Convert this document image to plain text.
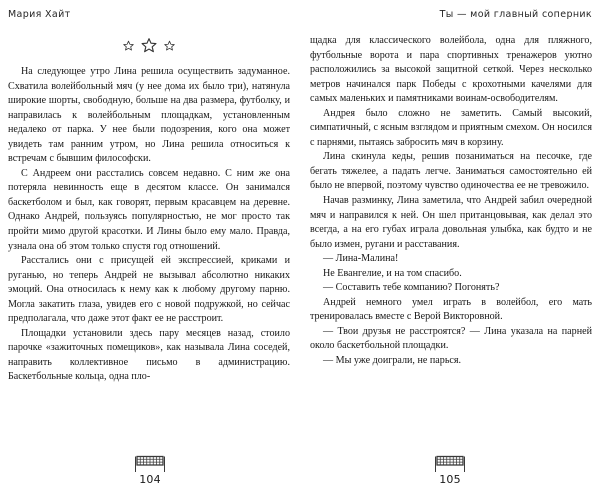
Мария Хайт

На следующее утро Лина решила осуществить задуманное. Схватила волейбольный мяч (у нее дома их было три), натянула широкие шорты, свободную, больше на два размера, футболку, и направилась к волейбольным площадкам, установленным недалеко от парка. У нее были подозрения, кого она может увидеть там ранним утром, но Лина решила относиться к встречам с бывшим философски.

С Андреем они расстались совсем недавно. С ним же она потеряла невинность еще в десятом классе. Он занимался баскетболом и был, как говорят, первым красавцем на деревне. Однако Андрей, пользуясь популярностью, не мог просто так пройти мимо другой красотки. И Лины было ему мало. Правда, узнала она об этом только спустя год отношений.

Расстались они с присущей ей экспрессией, криками и руганью, но теперь Андрей не вызывал абсолютно никаких эмоций. Она относилась к нему как к любому другому парню. Могла закатить глаза, увидев его с новой подружкой, но сейчас предполагала, что даже этот факт ее не расстроит.

Площадки установили здесь пару месяцев назад, стоило парочке «зажиточных помещиков», как называла Лина соседей, направить коллективное письмо в администрацию. Баскетбольные кольца, одна пло-

104
Ты — мой главный соперник

щадка для классического волейбола, одна для пляжного, футбольные ворота и пара спортивных тренажеров уютно расположились за высокой защитной сеткой. Через несколько метров начинался парк Победы с крохотными качелями для самых маленьких и памятниками воинам-освободителям.

Андрея было сложно не заметить. Самый высокий, симпатичный, с ясным взглядом и приятным смехом. Он носился с парнями, пытаясь забросить мяч в корзину.

Лина скинула кеды, решив позаниматься на песочке, где бегать тяжелее, а падать легче. Заниматься самостоятельно ей было не впервой, поэтому чувство одиночества ее не тревожило.

Начав разминку, Лина заметила, что Андрей забил очередной мяч и направился к ней. Он шел пританцовывая, как делал это всегда, а на его губах играла довольная улыбка, как будто и не было измен, ругани и расставания.

— Лина-Малина!

Не Евангелие, и на том спасибо.

— Составить тебе компанию? Погонять?

Андрей немного умел играть в волейбол, его мать тренировалась вместе с Верой Викторовной.

— Твои друзья не расстроятся? — Лина указала на парней около баскетбольной площадки.

— Мы уже доиграли, не парься.

105
